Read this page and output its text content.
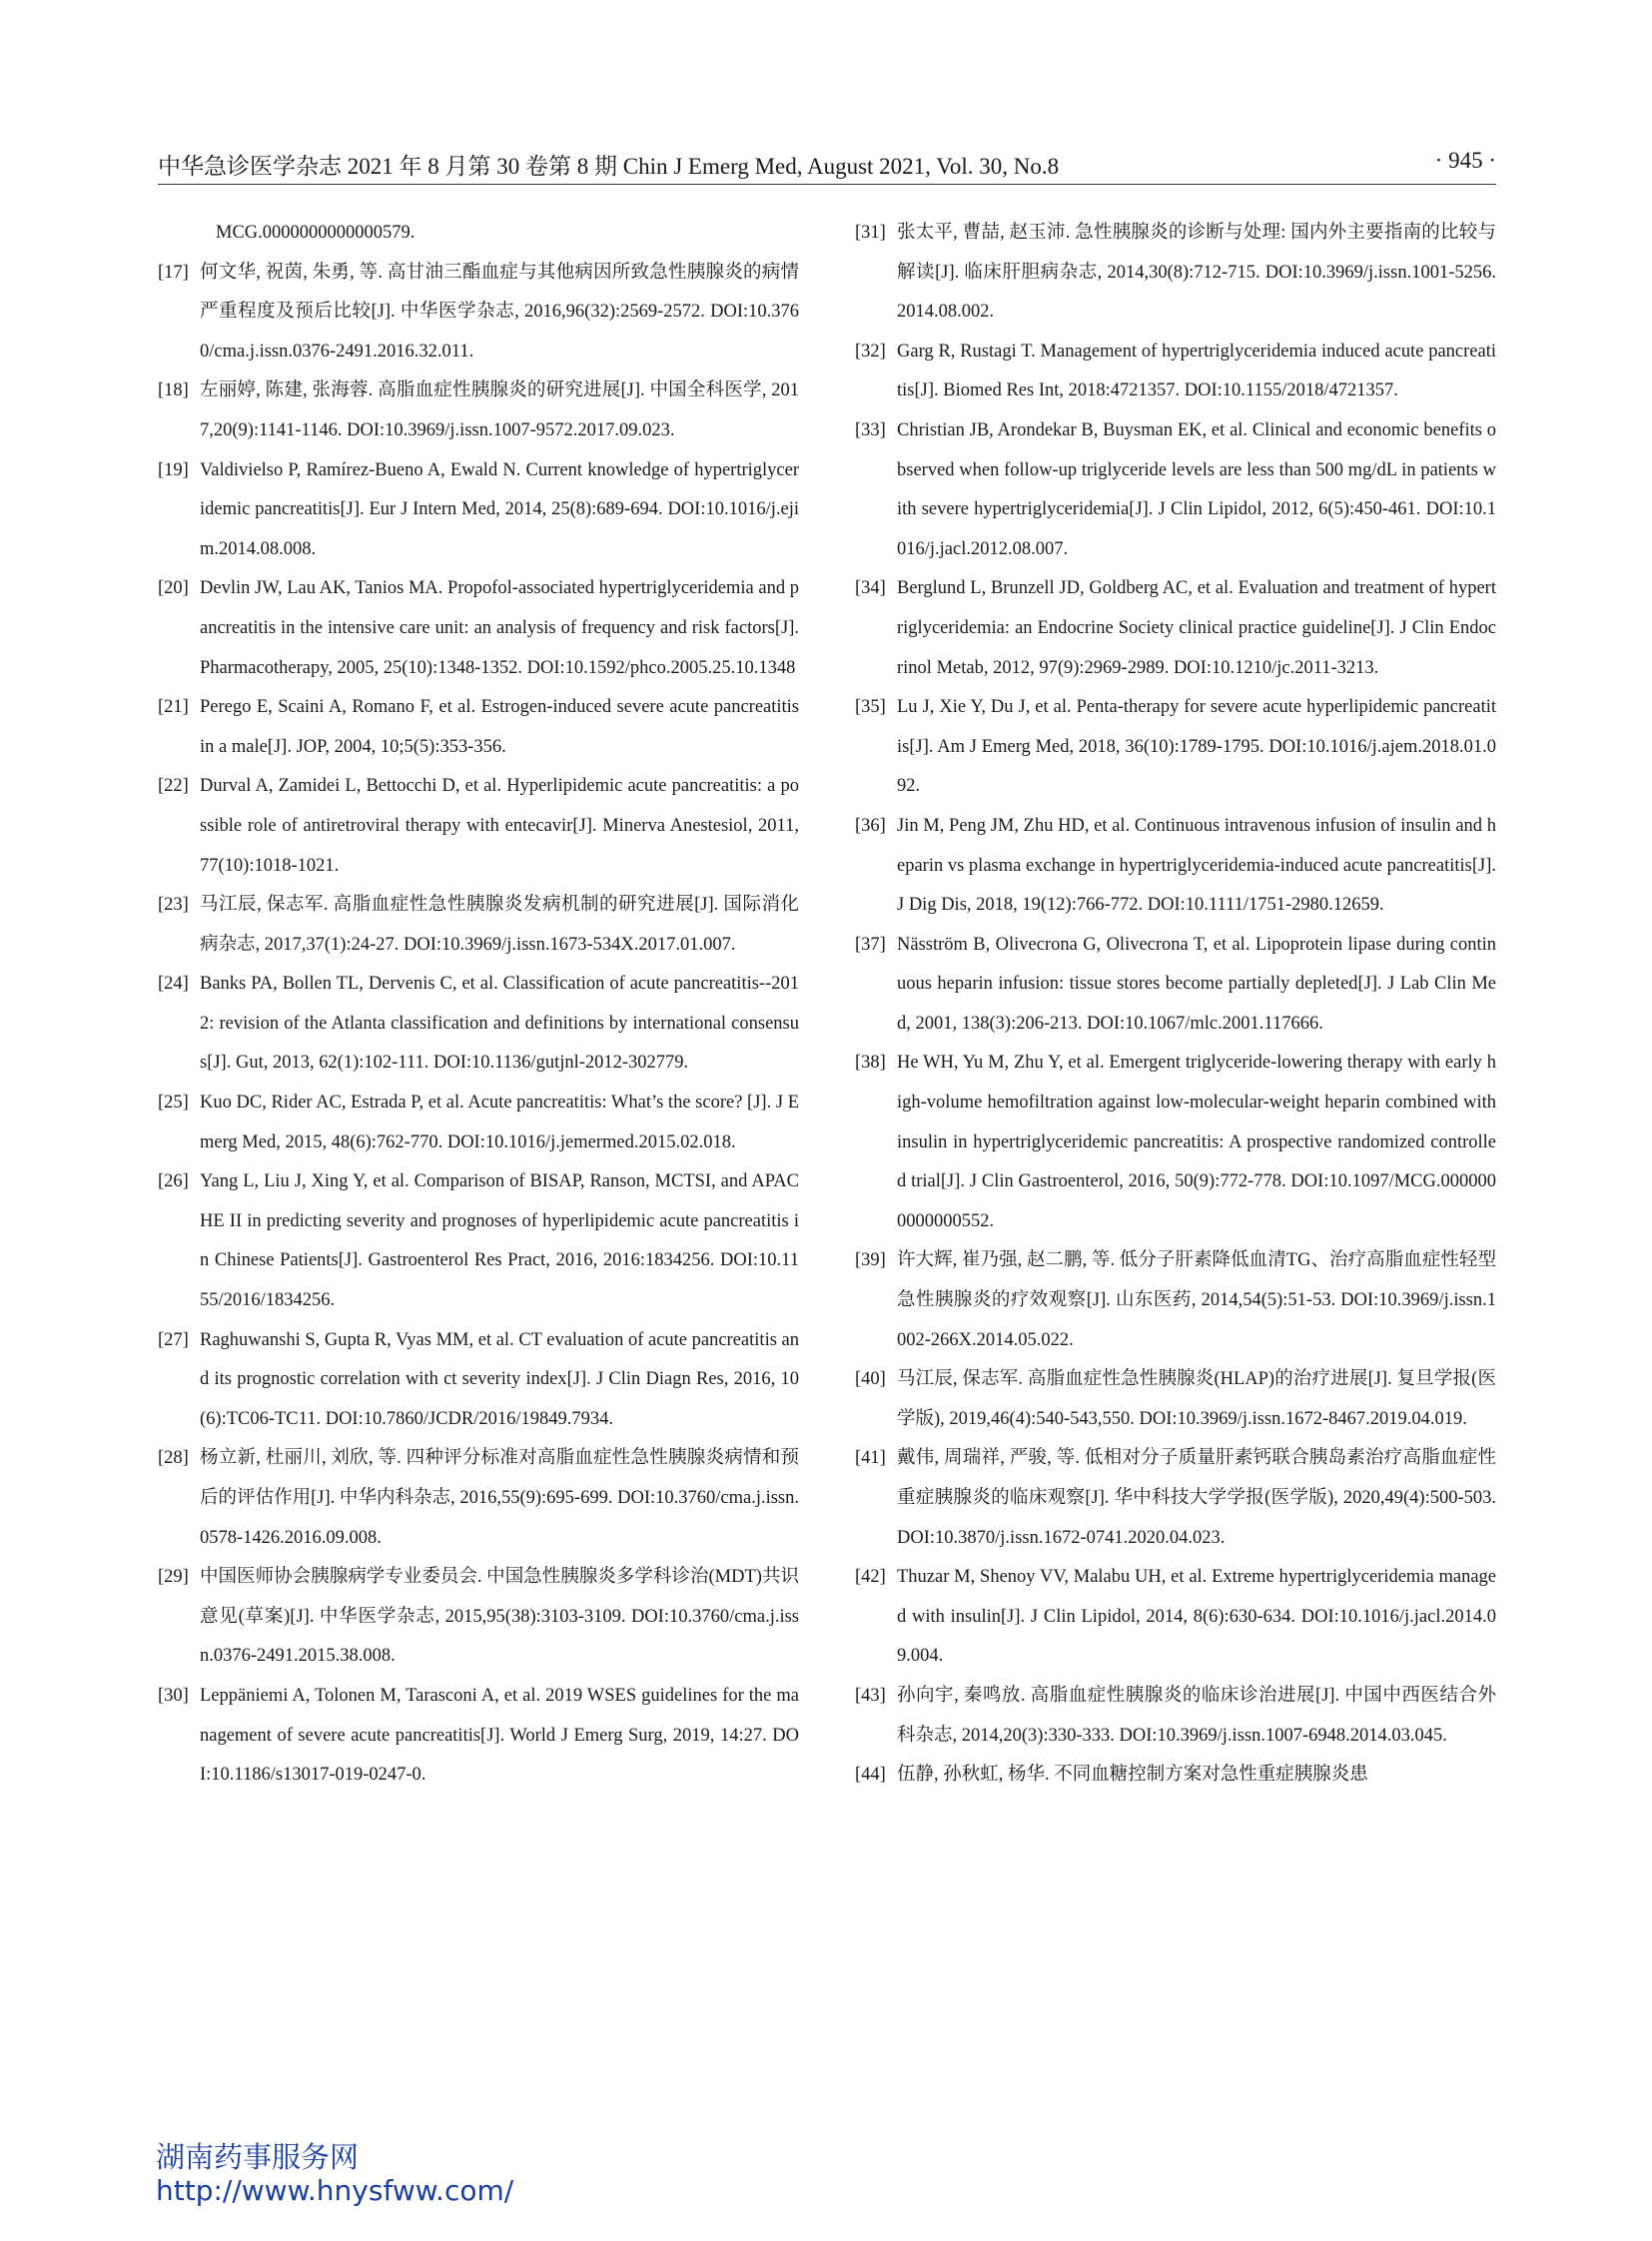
中华急诊医学杂志 2021 年 8 月第 30 卷第 8 期 Chin J Emerg Med, August 2021, Vol. 30, No.8	· 945 ·
MCG.0000000000000579.
[17] 何文华, 祝茵, 朱勇, 等. 高甘油三酯血症与其他病因所致急性胰腺炎的病情严重程度及预后比较[J]. 中华医学杂志, 2016,96(32):2569-2572. DOI:10.3760/cma.j.issn.0376-2491.2016.32.011.
[18] 左丽婷, 陈建, 张海蓉. 高脂血症性胰腺炎的研究进展[J]. 中国全科医学, 2017,20(9):1141-1146. DOI:10.3969/j.issn.1007-9572.2017.09.023.
[19] Valdivielso P, Ramírez-Bueno A, Ewald N. Current knowledge of hypertriglyceridemic pancreatitis[J]. Eur J Intern Med, 2014, 25(8):689-694. DOI:10.1016/j.ejim.2014.08.008.
[20] Devlin JW, Lau AK, Tanios MA. Propofol-associated hypertriglyceridemia and pancreatitis in the intensive care unit: an analysis of frequency and risk factors[J]. Pharmacotherapy, 2005, 25(10):1348-1352. DOI:10.1592/phco.2005.25.10.1348
[21] Perego E, Scaini A, Romano F, et al. Estrogen-induced severe acute pancreatitis in a male[J]. JOP, 2004, 10;5(5):353-356.
[22] Durval A, Zamidei L, Bettocchi D, et al. Hyperlipidemic acute pancreatitis: a possible role of antiretroviral therapy with entecavir[J]. Minerva Anestesiol, 2011, 77(10):1018-1021.
[23] 马江辰, 保志军. 高脂血症性急性胰腺炎发病机制的研究进展[J]. 国际消化病杂志, 2017,37(1):24-27. DOI:10.3969/j.issn.1673-534X.2017.01.007.
[24] Banks PA, Bollen TL, Dervenis C, et al. Classification of acute pancreatitis--2012: revision of the Atlanta classification and definitions by international consensus[J]. Gut, 2013, 62(1):102-111. DOI:10.1136/gutjnl-2012-302779.
[25] Kuo DC, Rider AC, Estrada P, et al. Acute pancreatitis: What’s the score? [J]. J Emerg Med, 2015, 48(6):762-770. DOI:10.1016/j.jemermed.2015.02.018.
[26] Yang L, Liu J, Xing Y, et al. Comparison of BISAP, Ranson, MCTSI, and APACHE II in predicting severity and prognoses of hyperlipidemic acute pancreatitis in Chinese Patients[J]. Gastroenterol Res Pract, 2016, 2016:1834256. DOI:10.1155/2016/1834256.
[27] Raghuwanshi S, Gupta R, Vyas MM, et al. CT evaluation of acute pancreatitis and its prognostic correlation with ct severity index[J]. J Clin Diagn Res, 2016, 10(6):TC06-TC11. DOI:10.7860/JCDR/2016/19849.7934.
[28] 杨立新, 杜丽川, 刘欣, 等. 四种评分标准对高脂血症性急性胰腺炎病情和预后的评估作用[J]. 中华内科杂志, 2016,55(9):695-699. DOI:10.3760/cma.j.issn.0578-1426.2016.09.008.
[29] 中国医师协会胰腺病学专业委员会. 中国急性胰腺炎多学科诊治(MDT)共识意见(草案)[J]. 中华医学杂志, 2015,95(38):3103-3109. DOI:10.3760/cma.j.issn.0376-2491.2015.38.008.
[30] Leppäniemi A, Tolonen M, Tarasconi A, et al. 2019 WSES guidelines for the management of severe acute pancreatitis[J]. World J Emerg Surg, 2019, 14:27. DOI:10.1186/s13017-019-0247-0.
[31] 张太平, 曹喆, 赵玉沛. 急性胰腺炎的诊断与处理: 国内外主要指南的比较与解读[J]. 临床肝胆病杂志, 2014,30(8):712-715. DOI:10.3969/j.issn.1001-5256.2014.08.002.
[32] Garg R, Rustagi T. Management of hypertriglyceridemia induced acute pancreatitis[J]. Biomed Res Int, 2018:4721357. DOI:10.1155/2018/4721357.
[33] Christian JB, Arondekar B, Buysman EK, et al. Clinical and economic benefits observed when follow-up triglyceride levels are less than 500 mg/dL in patients with severe hypertriglyceridemia[J]. J Clin Lipidol, 2012, 6(5):450-461. DOI:10.1016/j.jacl.2012.08.007.
[34] Berglund L, Brunzell JD, Goldberg AC, et al. Evaluation and treatment of hypertriglyceridemia: an Endocrine Society clinical practice guideline[J]. J Clin Endocrinol Metab, 2012, 97(9):2969-2989. DOI:10.1210/jc.2011-3213.
[35] Lu J, Xie Y, Du J, et al. Penta-therapy for severe acute hyperlipidemic pancreatitis[J]. Am J Emerg Med, 2018, 36(10):1789-1795. DOI:10.1016/j.ajem.2018.01.092.
[36] Jin M, Peng JM, Zhu HD, et al. Continuous intravenous infusion of insulin and heparin vs plasma exchange in hypertriglyceridemia-induced acute pancreatitis[J]. J Dig Dis, 2018, 19(12):766-772. DOI:10.1111/1751-2980.12659.
[37] Näsström B, Olivecrona G, Olivecrona T, et al. Lipoprotein lipase during continuous heparin infusion: tissue stores become partially depleted[J]. J Lab Clin Med, 2001, 138(3):206-213. DOI:10.1067/mlc.2001.117666.
[38] He WH, Yu M, Zhu Y, et al. Emergent triglyceride-lowering therapy with early high-volume hemofiltration against low-molecular-weight heparin combined with insulin in hypertriglyceridemic pancreatitis: A prospective randomized controlled trial[J]. J Clin Gastroenterol, 2016, 50(9):772-778. DOI:10.1097/MCG.0000000000000552.
[39] 许大辉, 崔乃强, 赵二鹏, 等. 低分子肝素降低血清TG、治疗高脂血症性轻型急性胰腺炎的疗效观察[J]. 山东医药, 2014,54(5):51-53. DOI:10.3969/j.issn.1002-266X.2014.05.022.
[40] 马江辰, 保志军. 高脂血症性急性胰腺炎(HLAP)的治疗进展[J]. 复旦学报(医学版), 2019,46(4):540-543,550. DOI:10.3969/j.issn.1672-8467.2019.04.019.
[41] 戴伟, 周瑞祥, 严骏, 等. 低相对分子质量肝素钙联合胰岛素治疗高脂血症性重症胰腺炎的临床观察[J]. 华中科技大学学报(医学版), 2020,49(4):500-503. DOI:10.3870/j.issn.1672-0741.2020.04.023.
[42] Thuzar M, Shenoy VV, Malabu UH, et al. Extreme hypertriglyceridemia managed with insulin[J]. J Clin Lipidol, 2014, 8(6):630-634. DOI:10.1016/j.jacl.2014.09.004.
[43] 孙向宇, 秦鸣放. 高脂血症性胰腺炎的临床诊治进展[J]. 中国中西医结合外科杂志, 2014,20(3):330-333. DOI:10.3969/j.issn.1007-6948.2014.03.045.
[44] 伍静, 孙秋虹, 杨华. 不同血糖控制方案对急性重症胰腺炎患
湖南药事服务网
http://www.hnysfww.com/
